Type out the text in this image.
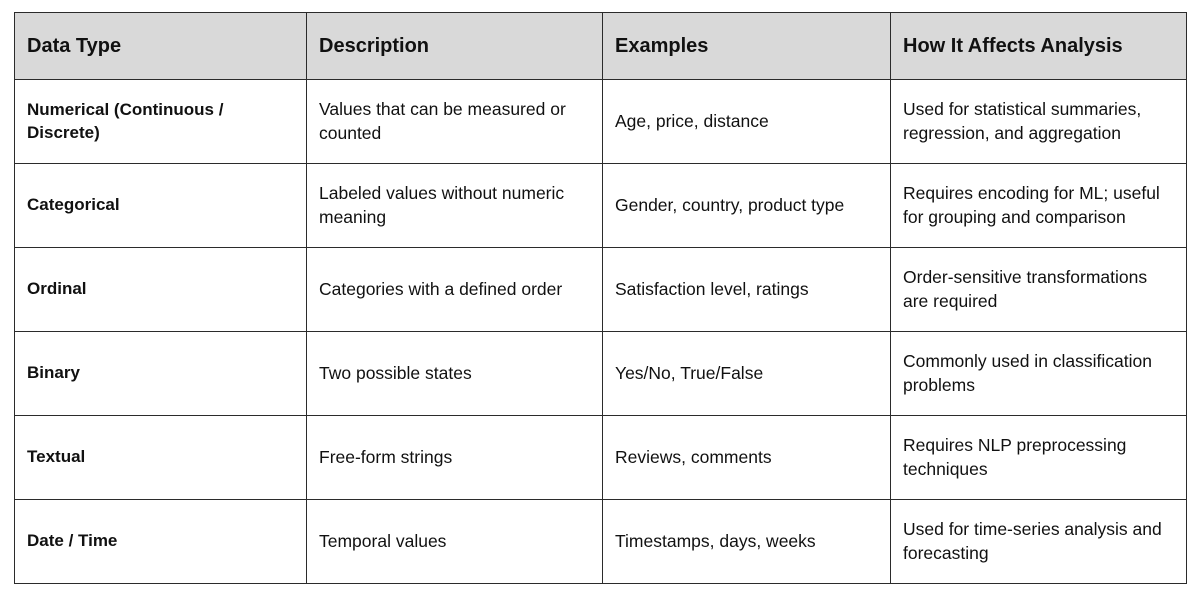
Data Type	Description	Examples	How It Affects Analysis
Numerical (Continuous / Discrete)	Values that can be measured or counted	Age, price, distance	Used for statistical summaries, regression, and aggregation
Categorical	Labeled values without numeric meaning	Gender, country, product type	Requires encoding for ML; useful for grouping and comparison
Ordinal	Categories with a defined order	Satisfaction level, ratings	Order-sensitive transformations are required
Binary	Two possible states	Yes/No, True/False	Commonly used in classification problems
Textual	Free-form strings	Reviews, comments	Requires NLP preprocessing techniques
Date / Time	Temporal values	Timestamps, days, weeks	Used for time-series analysis and forecasting
